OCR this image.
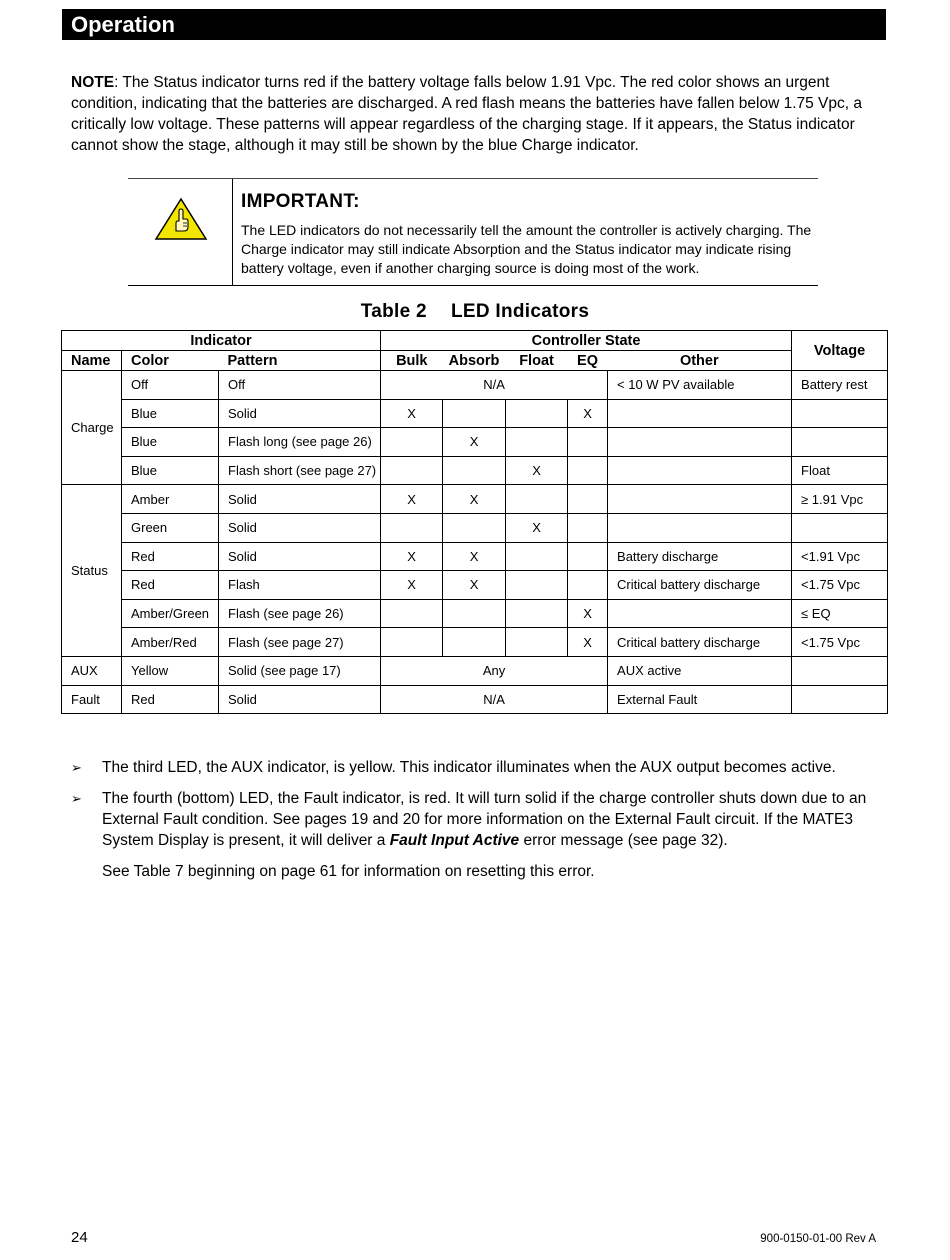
Operation

NOTE: The Status indicator turns red if the battery voltage falls below 1.91 Vpc. The red color shows an urgent condition, indicating that the batteries are discharged. A red flash means the batteries have fallen below 1.75 Vpc, a critically low voltage. These patterns will appear regardless of the charging stage. If it appears, the Status indicator cannot show the stage, although it may still be shown by the blue Charge indicator.

IMPORTANT:
The LED indicators do not necessarily tell the amount the controller is actively charging. The Charge indicator may still indicate Absorption and the Status indicator may indicate rising battery voltage, even if another charging source is doing most of the work.
Table 2 LED Indicators
Indicator			Controller State					Voltage
Name	Color	Pattern	Bulk	Absorb	Float	EQ	Other	
Charge	Off	Off	N/A				< 10 W PV available	Battery rest
	Blue	Solid	X			X		
	Blue	Flash long (see page 26)		X				
	Blue	Flash short (see page 27)			X			Float
Status	Amber	Solid	X	X				≥ 1.91 Vpc
	Green	Solid			X			
	Red	Solid	X	X			Battery discharge	<1.91 Vpc
	Red	Flash	X	X			Critical battery discharge	<1.75 Vpc
	Amber/Green	Flash (see page 26)				X		≤ EQ
	Amber/Red	Flash (see page 27)				X	Critical battery discharge	<1.75 Vpc
AUX	Yellow	Solid (see page 17)	Any				AUX active	
Fault	Red	Solid	N/A				External Fault	
➢ The third LED, the AUX indicator, is yellow. This indicator illuminates when the AUX output becomes active.
➢ The fourth (bottom) LED, the Fault indicator, is red. It will turn solid if the charge controller shuts down due to an External Fault condition. See pages 19 and 20 for more information on the External Fault circuit. If the MATE3 System Display is present, it will deliver a Fault Input Active error message (see page 32).
See Table 7 beginning on page 61 for information on resetting this error.
24	900-0150-01-00 Rev A
